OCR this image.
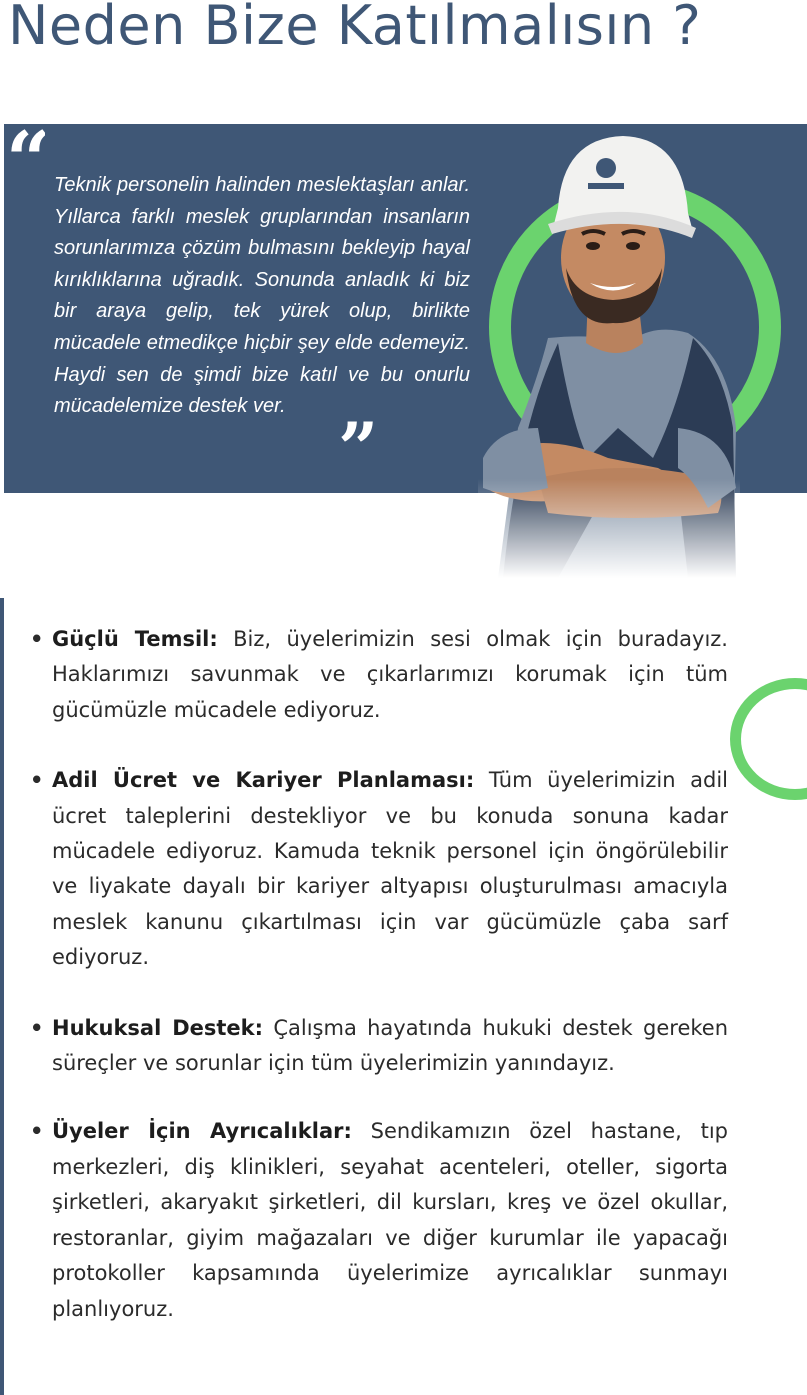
Neden Bize Katılmalısın ?
“ Teknik personelin halinden meslektaşları anlar. Yıllarca farklı meslek gruplarından insanların sorunlarımıza çözüm bulmasını bekleyip hayal kırıklıklarına uğradık. Sonunda anladık ki biz bir araya gelip, tek yürek olup, birlikte mücadele etmedikçe hiçbir şey elde edemeyiz. Haydi sen de şimdi bize katıl ve bu onurlu mücadelemize destek ver.

”
• Güçlü Temsil: Biz, üyelerimizin sesi olmak için buradayız. Haklarımızı savunmak ve çıkarlarımızı korumak için tüm gücümüzle mücadele ediyoruz.
• Adil Ücret ve Kariyer Planlaması: Tüm üyelerimizin adil ücret taleplerini destekliyor ve bu konuda sonuna kadar mücadele ediyoruz. Kamuda teknik personel için öngörülebilir ve liyakate dayalı bir kariyer altyapısı oluşturulması amacıyla meslek kanunu çıkartılması için var gücümüzle çaba sarf ediyoruz.
• Hukuksal Destek: Çalışma hayatında hukuki destek gereken süreçler ve sorunlar için tüm üyelerimizin yanındayız.
• Üyeler İçin Ayrıcalıklar: Sendikamızın özel hastane, tıp merkezleri, diş klinikleri, seyahat acenteleri, oteller, sigorta şirketleri, akaryakıt şirketleri, dil kursları, kreş ve özel okullar, restoranlar, giyim mağazaları ve diğer kurumlar ile yapacağı protokoller kapsamında üyelerimize ayrıcalıklar sunmayı planlıyoruz.
